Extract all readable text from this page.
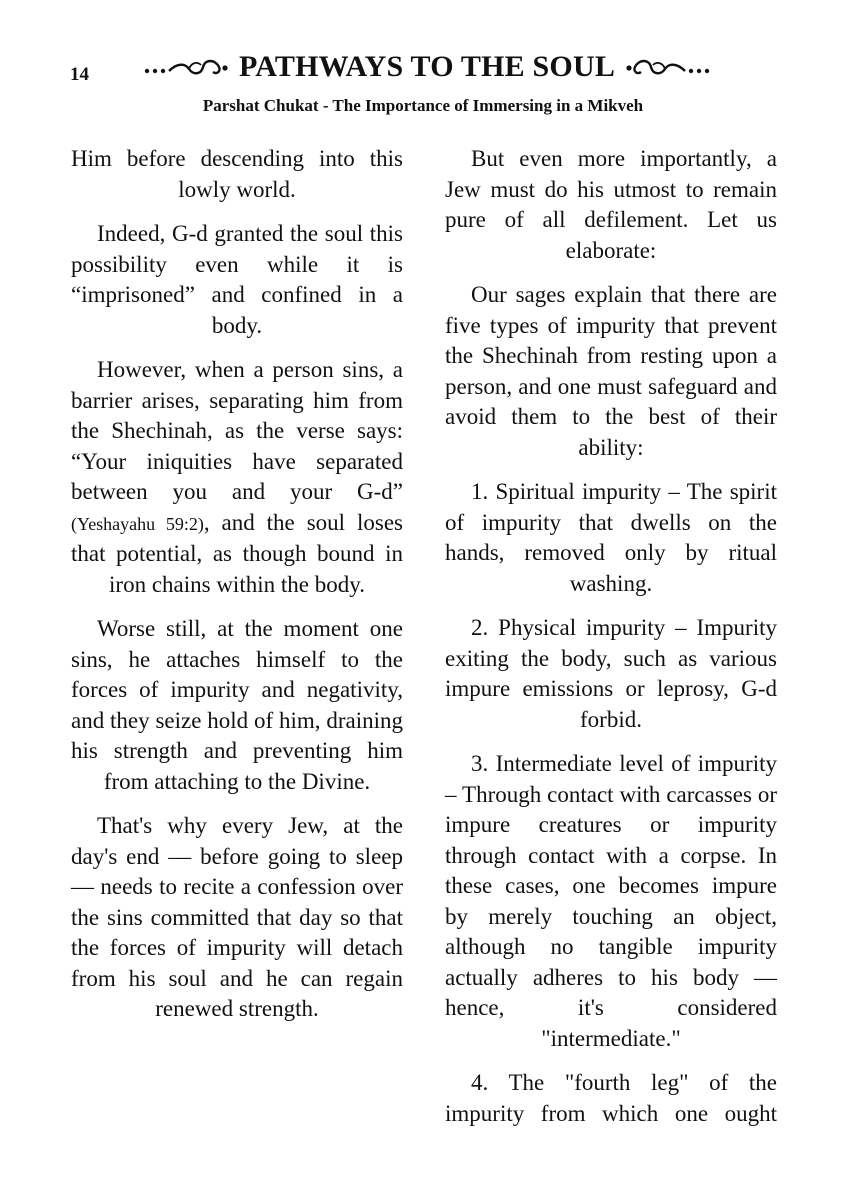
14	PATHWAYS TO THE SOUL
Parshat Chukat - The Importance of Immersing in a Mikveh

Him before descending into this lowly world.

Indeed, G-d granted the soul this possibility even while it is “imprisoned” and confined in a body.

However, when a person sins, a barrier arises, separating him from the Shechinah, as the verse says: “Your iniquities have separated between you and your G-d” (Yeshayahu 59:2), and the soul loses that potential, as though bound in iron chains within the body.

Worse still, at the moment one sins, he attaches himself to the forces of impurity and negativity, and they seize hold of him, draining his strength and preventing him from attaching to the Divine.

That's why every Jew, at the day's end — before going to sleep — needs to recite a confession over the sins committed that day so that the forces of impurity will detach from his soul and he can regain renewed strength.

But even more importantly, a Jew must do his utmost to remain pure of all defilement. Let us elaborate:

Our sages explain that there are five types of impurity that prevent the Shechinah from resting upon a person, and one must safeguard and avoid them to the best of their ability:

1. Spiritual impurity – The spirit of impurity that dwells on the hands, removed only by ritual washing.

2. Physical impurity – Impurity exiting the body, such as various impure emissions or leprosy, G-d forbid.

3. Intermediate level of impurity – Through contact with carcasses or impure creatures or impurity through contact with a corpse. In these cases, one becomes impure by merely touching an object, although no tangible impurity actually adheres to his body — hence, it's considered "intermediate."

4. The "fourth leg" of the impurity from which one ought
